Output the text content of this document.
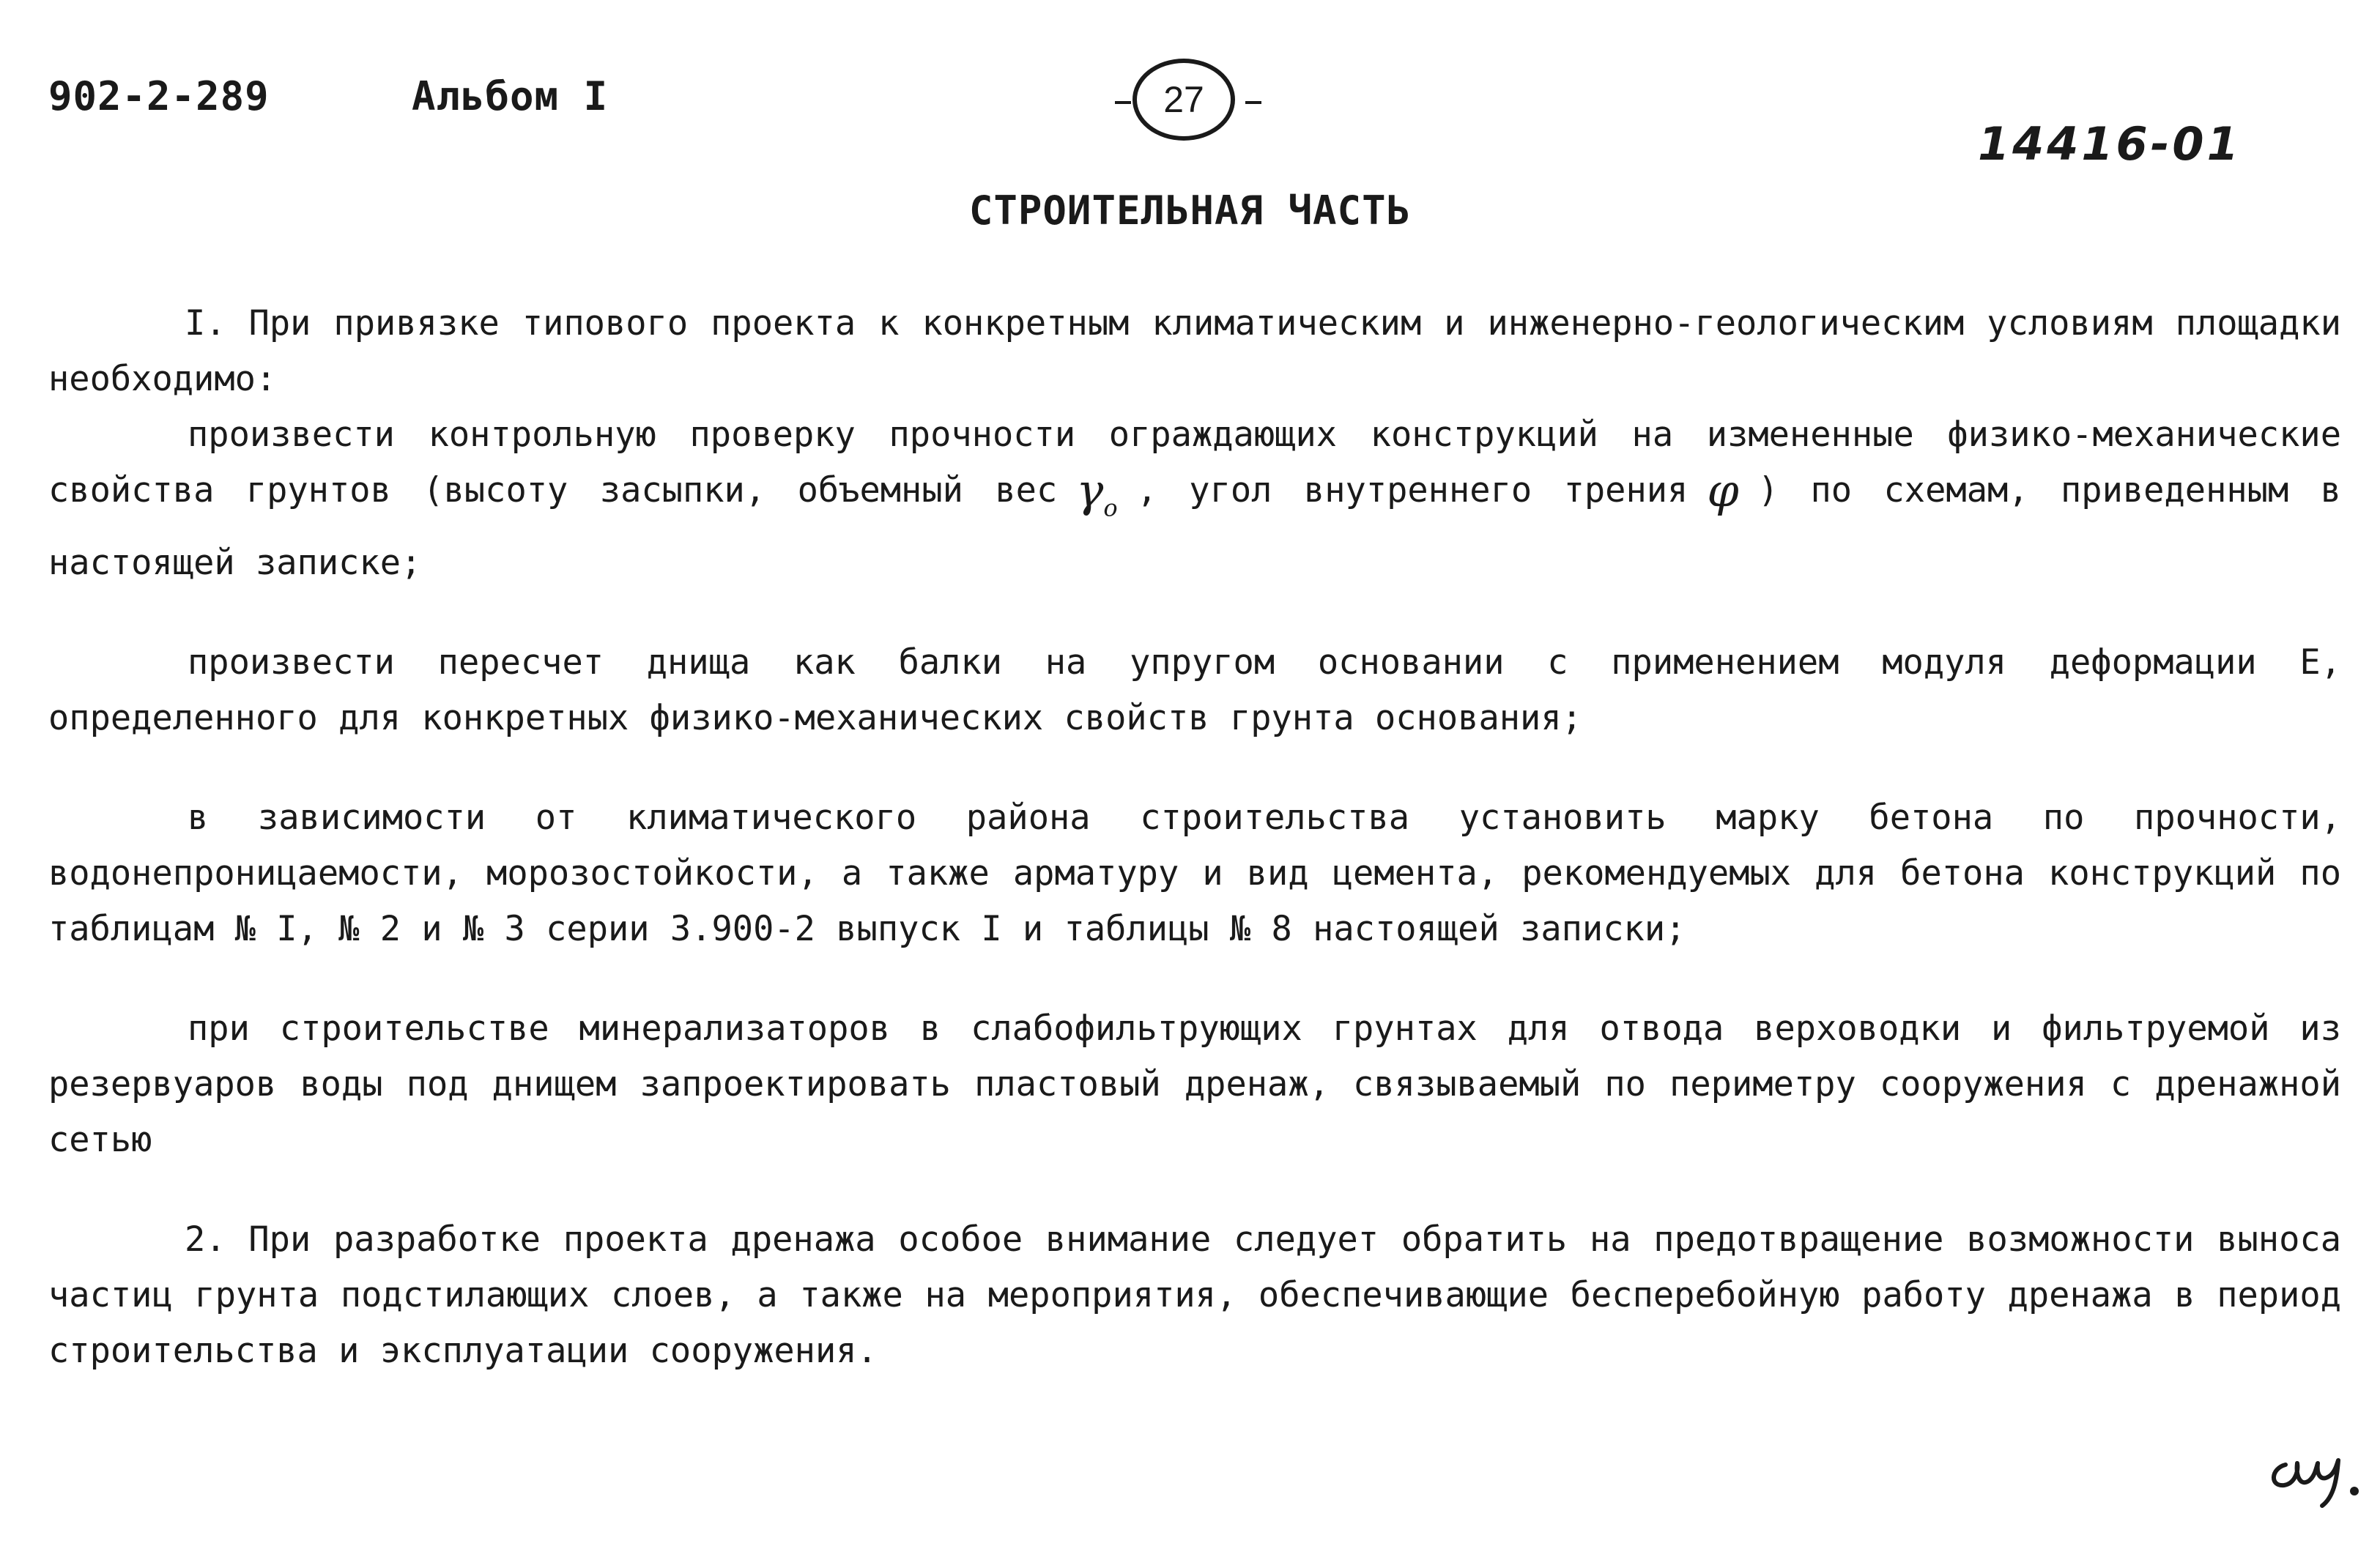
902-2-289	Альбом I	27
14416-01
СТРОИТЕЛЬНАЯ ЧАСТЬ

I. При привязке типового проекта к конкретным климатическим и инженерно-геологическим условиям площадки необходимо:

произвести контрольную проверку прочности ограждающих конструкций на измененные физико-механические свойства грунтов (высоту засыпки, объемный вес $\gamma_о$ , угол внутреннего трения φ ) по схемам, приведенным в настоящей записке;

произвести пересчет днища как балки на упругом основании с применением модуля деформации Е, определенного для конкретных физико-механических свойств грунта основания;

в зависимости от климатического района строительства установить марку бетона по прочности, водонепроницаемости, морозостойкости, а также арматуру и вид цемента, рекомендуемых для бетона конструкций по таблицам № I, № 2 и № 3 серии 3.900-2 выпуск I и таблицы № 8 настоящей записки;

при строительстве минерализаторов в слабофильтрующих грунтах для отвода верховодки и фильтруемой из резервуаров воды под днищем запроектировать пластовый дренаж, связываемый по периметру сооружения с дренажной сетью

2. При разработке проекта дренажа особое внимание следует обратить на предотвращение возможности выноса частиц грунта подстилающих слоев, а также на мероприятия, обеспечивающие бесперебойную работу дренажа в период строительства и эксплуатации сооружения.
